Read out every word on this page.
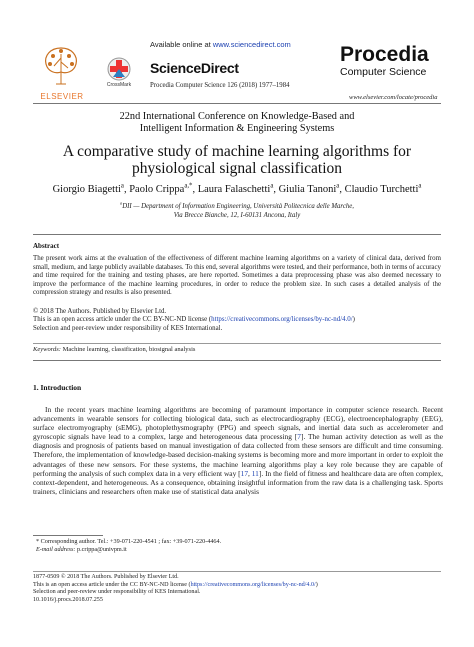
ELSEVIER
CrossMark
Available online at www.sciencedirect.com
ScienceDirect
Procedia Computer Science 126 (2018) 1977–1984
Procedia
Computer Science
www.elsevier.com/locate/procedia
22nd International Conference on Knowledge-Based and
Intelligent Information & Engineering Systems
A comparative study of machine learning algorithms for
physiological signal classification
Giorgio Biagetti$^a$, Paolo Crippa$^{a,*}$, Laura Falaschetti$^a$, Giulia Tanoni$^a$, Claudio Turchetti$^a$
$^a$DII — Department of Information Engineering, Università Politecnica delle Marche,
Via Brecce Bianche, 12, I-60131 Ancona, Italy
Abstract
The present work aims at the evaluation of the effectiveness of different machine learning algorithms on a variety of clinical data, derived from small, medium, and large publicly available databases. To this end, several algorithms were tested, and their performance, both in terms of accuracy and time required for the training and testing phases, are here reported. Sometimes a data preprocessing phase was also deemed necessary to improve the performance of the machine learning procedures, in order to reduce the problem size. In such cases a detailed analysis of the compression strategy and results is also presented.
© 2018 The Authors. Published by Elsevier Ltd.
This is an open access article under the CC BY-NC-ND license (https://creativecommons.org/licenses/by-nc-nd/4.0/)
Selection and peer-review under responsibility of KES International.
Keywords: Machine learning, classification, biosignal analysis
1. Introduction
In the recent years machine learning algorithms are becoming of paramount importance in computer science research. Recent advancements in wearable sensors for collecting biological data, such as electrocardiography (ECG), electroencephalography (EEG), surface electromyography (sEMG), photoplethysmography (PPG) and speech signals, and inertial data such as accelerometer and gyroscopic signals have lead to a complex, large and heterogeneous data processing [7]. The human activity detection as well as the diagnosis and prognosis of patients based on manual investigation of data collected from these sensors are difficult and time consuming. Therefore, the implementation of knowledge-based decision-making systems is becoming more and more important in order to exploit the advantages of these new sensors. For these systems, the machine learning algorithms play a key role because they are capable of performing the analysis of such complex data in a very efficient way [17, 11]. In the field of fitness and healthcare data are often complex, context-dependent, and heterogeneous. As a consequence, obtaining insightful information from the raw data is a challenging task. Sports trainers, clinicians and researchers often make use of statistical data analysis
* Corresponding author. Tel.: +39-071-220-4541 ; fax: +39-071-220-4464.
E-mail address: p.crippa@univpm.it
1877-0509 © 2018 The Authors. Published by Elsevier Ltd.
This is an open access article under the CC BY-NC-ND license (https://creativecommons.org/licenses/by-nc-nd/4.0/)
Selection and peer-review under responsibility of KES International.
10.1016/j.procs.2018.07.255
